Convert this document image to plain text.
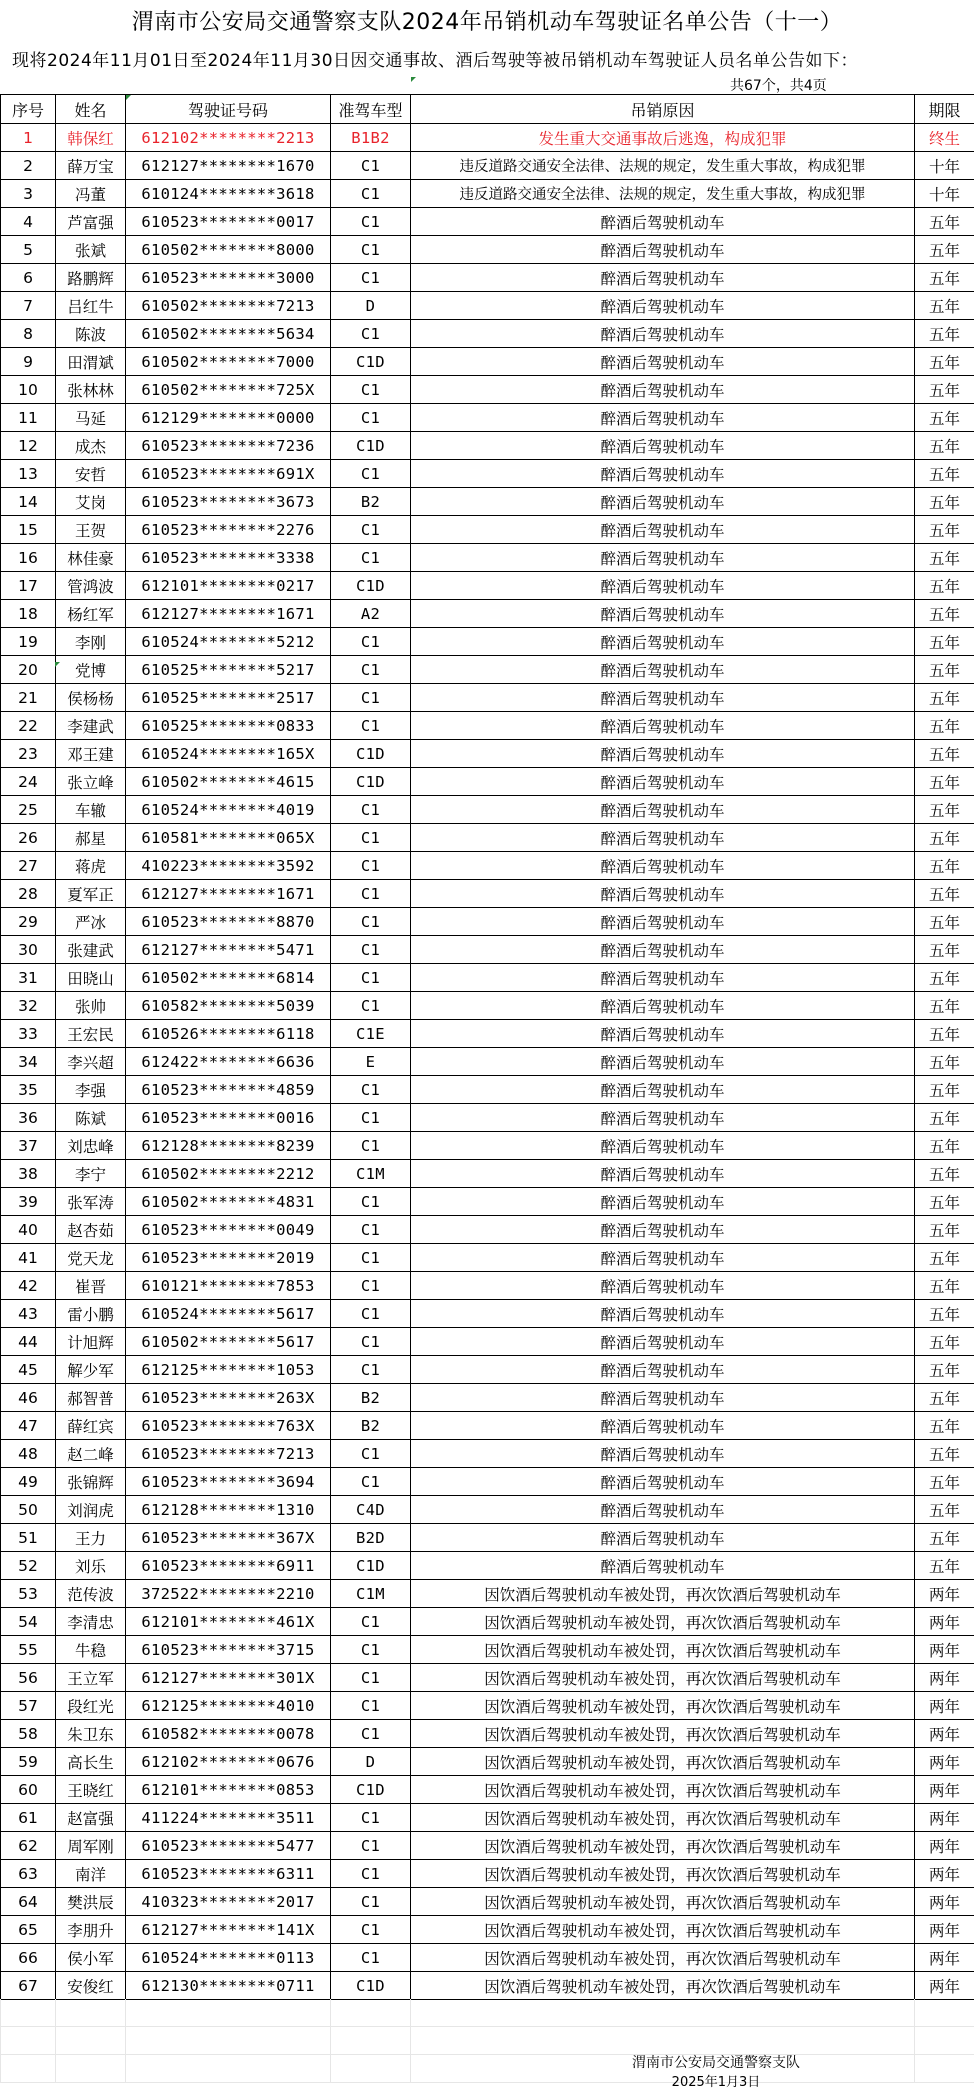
渭南市公安局交通警察支队2024年吊销机动车驾驶证名单公告（十一）
现将2024年11月01日至2024年11月30日因交通事故、酒后驾驶等被吊销机动车驾驶证人员名单公告如下：
共67个，共4页
序号	姓名	驾驶证号码	准驾车型	吊销原因	期限
1	韩保红	612102********2213	B1B2	发生重大交通事故后逃逸，构成犯罪	终生
2	薛万宝	612127********1670	C1	违反道路交通安全法律、法规的规定，发生重大事故，构成犯罪	十年
3	冯董	610124********3618	C1	违反道路交通安全法律、法规的规定，发生重大事故，构成犯罪	十年
4	芦富强	610523********0017	C1	醉酒后驾驶机动车	五年
5	张斌	610502********8000	C1	醉酒后驾驶机动车	五年
6	路鹏辉	610523********3000	C1	醉酒后驾驶机动车	五年
7	吕红牛	610502********7213	D	醉酒后驾驶机动车	五年
8	陈波	610502********5634	C1	醉酒后驾驶机动车	五年
9	田渭斌	610502********7000	C1D	醉酒后驾驶机动车	五年
10	张林林	610502********725X	C1	醉酒后驾驶机动车	五年
11	马延	612129********0000	C1	醉酒后驾驶机动车	五年
12	成杰	610523********7236	C1D	醉酒后驾驶机动车	五年
13	安哲	610523********691X	C1	醉酒后驾驶机动车	五年
14	艾岗	610523********3673	B2	醉酒后驾驶机动车	五年
15	王贺	610523********2276	C1	醉酒后驾驶机动车	五年
16	林佳豪	610523********3338	C1	醉酒后驾驶机动车	五年
17	管鸿波	612101********0217	C1D	醉酒后驾驶机动车	五年
18	杨红军	612127********1671	A2	醉酒后驾驶机动车	五年
19	李刚	610524********5212	C1	醉酒后驾驶机动车	五年
20	党博	610525********5217	C1	醉酒后驾驶机动车	五年
21	侯杨杨	610525********2517	C1	醉酒后驾驶机动车	五年
22	李建武	610525********0833	C1	醉酒后驾驶机动车	五年
23	邓王建	610524********165X	C1D	醉酒后驾驶机动车	五年
24	张立峰	610502********4615	C1D	醉酒后驾驶机动车	五年
25	车辙	610524********4019	C1	醉酒后驾驶机动车	五年
26	郝星	610581********065X	C1	醉酒后驾驶机动车	五年
27	蒋虎	410223********3592	C1	醉酒后驾驶机动车	五年
28	夏军正	612127********1671	C1	醉酒后驾驶机动车	五年
29	严冰	610523********8870	C1	醉酒后驾驶机动车	五年
30	张建武	612127********5471	C1	醉酒后驾驶机动车	五年
31	田晓山	610502********6814	C1	醉酒后驾驶机动车	五年
32	张帅	610582********5039	C1	醉酒后驾驶机动车	五年
33	王宏民	610526********6118	C1E	醉酒后驾驶机动车	五年
34	李兴超	612422********6636	E	醉酒后驾驶机动车	五年
35	李强	610523********4859	C1	醉酒后驾驶机动车	五年
36	陈斌	610523********0016	C1	醉酒后驾驶机动车	五年
37	刘忠峰	612128********8239	C1	醉酒后驾驶机动车	五年
38	李宁	610502********2212	C1M	醉酒后驾驶机动车	五年
39	张军涛	610502********4831	C1	醉酒后驾驶机动车	五年
40	赵杏茹	610523********0049	C1	醉酒后驾驶机动车	五年
41	党天龙	610523********2019	C1	醉酒后驾驶机动车	五年
42	崔晋	610121********7853	C1	醉酒后驾驶机动车	五年
43	雷小鹏	610524********5617	C1	醉酒后驾驶机动车	五年
44	计旭辉	610502********5617	C1	醉酒后驾驶机动车	五年
45	解少军	612125********1053	C1	醉酒后驾驶机动车	五年
46	郝智普	610523********263X	B2	醉酒后驾驶机动车	五年
47	薛红宾	610523********763X	B2	醉酒后驾驶机动车	五年
48	赵二峰	610523********7213	C1	醉酒后驾驶机动车	五年
49	张锦辉	610523********3694	C1	醉酒后驾驶机动车	五年
50	刘润虎	612128********1310	C4D	醉酒后驾驶机动车	五年
51	王力	610523********367X	B2D	醉酒后驾驶机动车	五年
52	刘乐	610523********6911	C1D	醉酒后驾驶机动车	五年
53	范传波	372522********2210	C1M	因饮酒后驾驶机动车被处罚，再次饮酒后驾驶机动车	两年
54	李清忠	612101********461X	C1	因饮酒后驾驶机动车被处罚，再次饮酒后驾驶机动车	两年
55	牛稳	610523********3715	C1	因饮酒后驾驶机动车被处罚，再次饮酒后驾驶机动车	两年
56	王立军	612127********301X	C1	因饮酒后驾驶机动车被处罚，再次饮酒后驾驶机动车	两年
57	段红光	612125********4010	C1	因饮酒后驾驶机动车被处罚，再次饮酒后驾驶机动车	两年
58	朱卫东	610582********0078	C1	因饮酒后驾驶机动车被处罚，再次饮酒后驾驶机动车	两年
59	高长生	612102********0676	D	因饮酒后驾驶机动车被处罚，再次饮酒后驾驶机动车	两年
60	王晓红	612101********0853	C1D	因饮酒后驾驶机动车被处罚，再次饮酒后驾驶机动车	两年
61	赵富强	411224********3511	C1	因饮酒后驾驶机动车被处罚，再次饮酒后驾驶机动车	两年
62	周军刚	610523********5477	C1	因饮酒后驾驶机动车被处罚，再次饮酒后驾驶机动车	两年
63	南洋	610523********6311	C1	因饮酒后驾驶机动车被处罚，再次饮酒后驾驶机动车	两年
64	樊洪辰	410323********2017	C1	因饮酒后驾驶机动车被处罚，再次饮酒后驾驶机动车	两年
65	李朋升	612127********141X	C1	因饮酒后驾驶机动车被处罚，再次饮酒后驾驶机动车	两年
66	侯小军	610524********0113	C1	因饮酒后驾驶机动车被处罚，再次饮酒后驾驶机动车	两年
67	安俊红	612130********0711	C1D	因饮酒后驾驶机动车被处罚，再次饮酒后驾驶机动车	两年

渭南市公安局交通警察支队
2025年1月3日
